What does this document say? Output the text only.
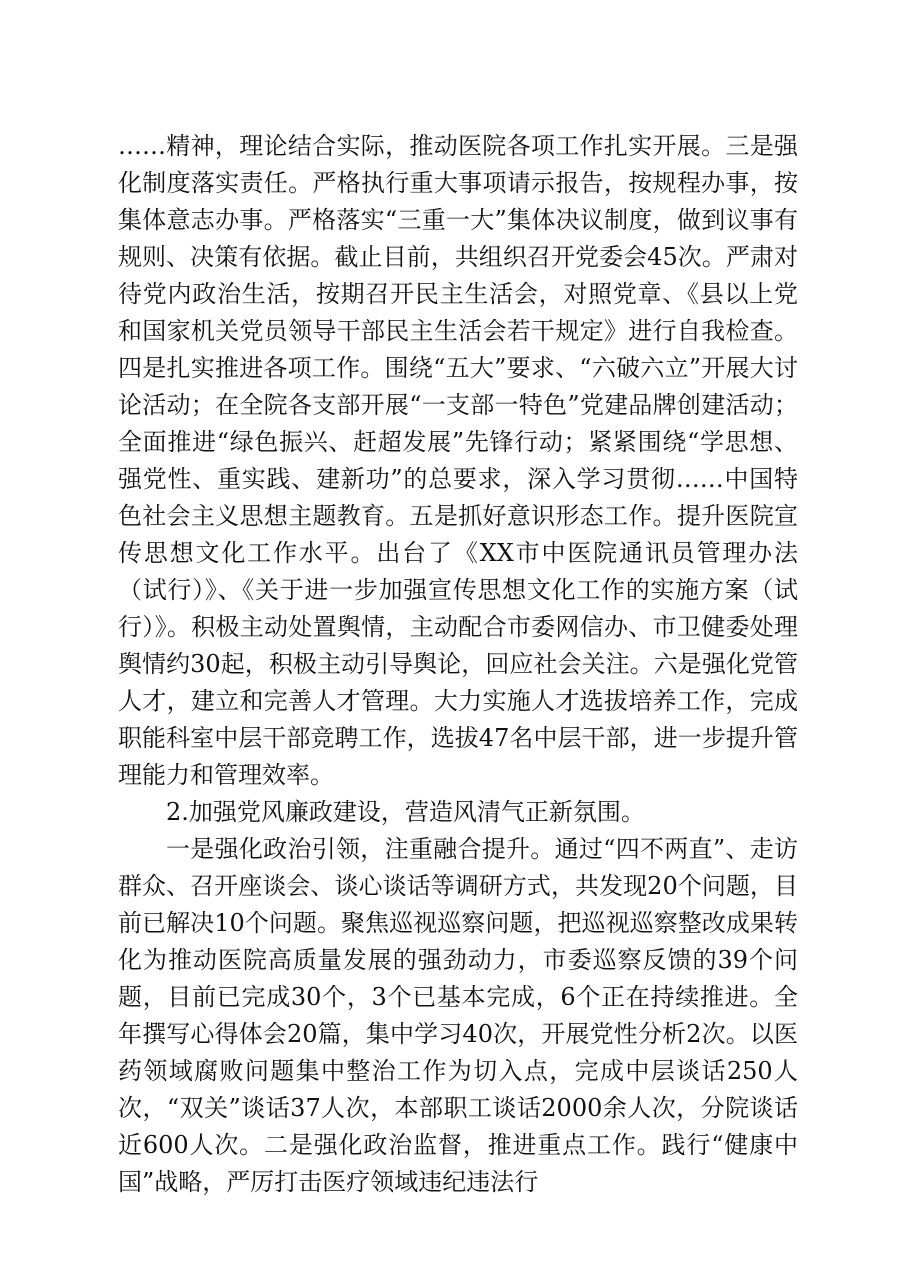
……精神，理论结合实际，推动医院各项工作扎实开展。三是强化制度落实责任。严格执行重大事项请示报告，按规程办事，按集体意志办事。严格落实“三重一大”集体决议制度，做到议事有规则、决策有依据。截止目前，共组织召开党委会45次。严肃对待党内政治生活，按期召开民主生活会，对照党章、《县以上党和国家机关党员领导干部民主生活会若干规定》进行自我检查。四是扎实推进各项工作。围绕“五大”要求、“六破六立”开展大讨论活动；在全院各支部开展“一支部一特色”党建品牌创建活动；全面推进“绿色振兴、赶超发展”先锋行动；紧紧围绕“学思想、强党性、重实践、建新功”的总要求，深入学习贯彻……中国特色社会主义思想主题教育。五是抓好意识形态工作。提升医院宣传思想文化工作水平。出台了《XX市中医院通讯员管理办法（试行）》、《关于进一步加强宣传思想文化工作的实施方案（试行）》。积极主动处置舆情，主动配合市委网信办、市卫健委处理舆情约30起，积极主动引导舆论，回应社会关注。六是强化党管人才，建立和完善人才管理。大力实施人才选拔培养工作，完成职能科室中层干部竞聘工作，选拔47名中层干部，进一步提升管理能力和管理效率。

2.加强党风廉政建设，营造风清气正新氛围。

一是强化政治引领，注重融合提升。通过“四不两直”、走访群众、召开座谈会、谈心谈话等调研方式，共发现20个问题，目前已解决10个问题。聚焦巡视巡察问题，把巡视巡察整改成果转化为推动医院高质量发展的强劲动力，市委巡察反馈的39个问题，目前已完成30个，3个已基本完成，6个正在持续推进。全年撰写心得体会20篇，集中学习40次，开展党性分析2次。以医药领域腐败问题集中整治工作为切入点，完成中层谈话250人次，“双关”谈话37人次，本部职工谈话2000余人次，分院谈话近600人次。二是强化政治监督，推进重点工作。践行“健康中国”战略，严厉打击医疗领域违纪违法行
